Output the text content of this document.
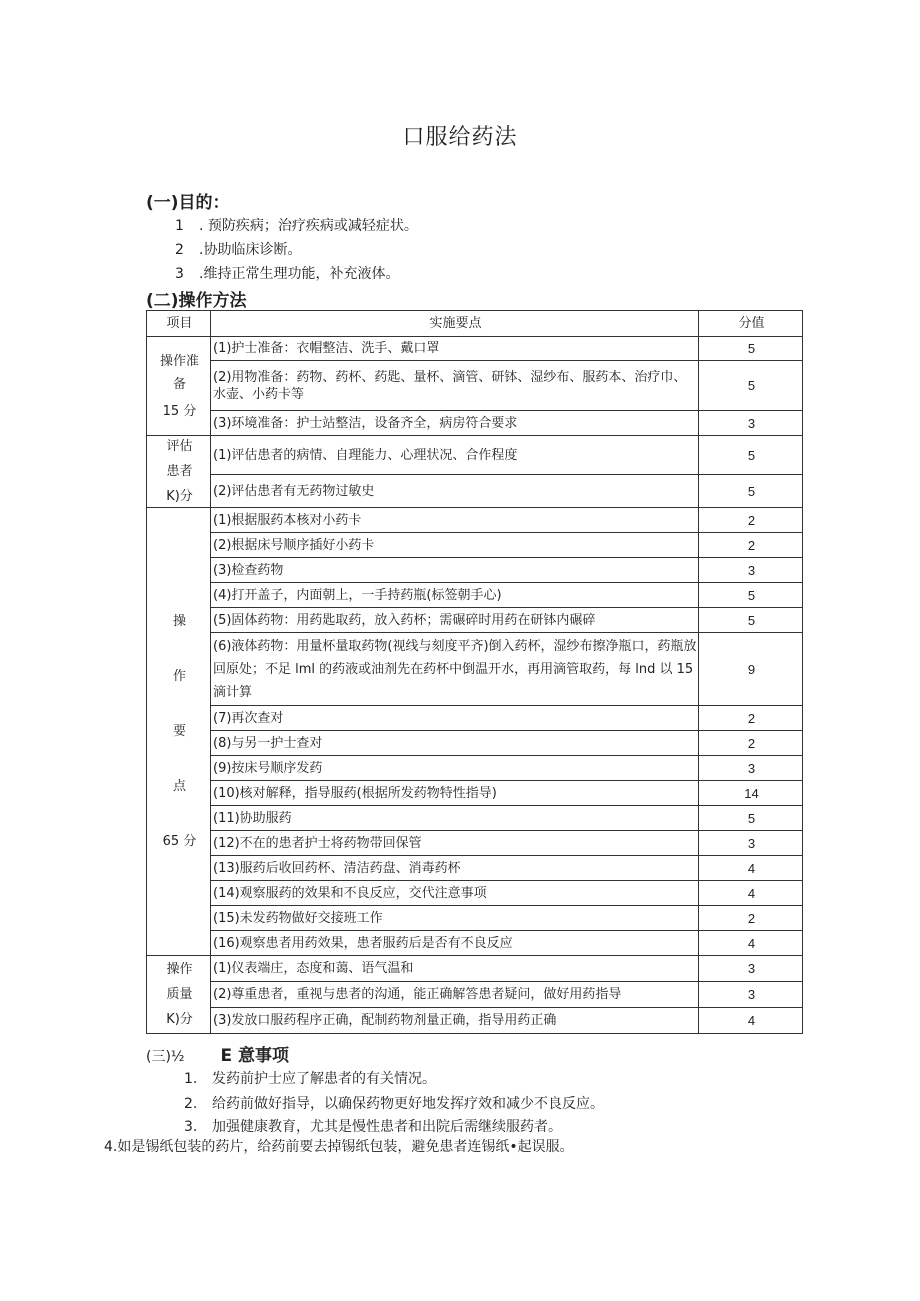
口服给药法
(一)目的：
1 . 预防疾病；治疗疾病或减轻症状。
2 .协助临床诊断。
3 .维持正常生理功能，补充液体。
(二)操作方法
项目	实施要点	分值

操作准
备
15 分	(1)护士准备：衣帽整洁、洗手、戴口罩	5
	(2)用物准备：药物、药杯、药匙、量杯、滴管、研钵、湿纱布、服药本、治疗巾、水壶、小药卡等	5
	(3)环境准备：护士站整洁，设备齐全，病房符合要求	3

评估
患者
K)分	(1)评估患者的病情、自理能力、心理状况、合作程度	5
	(2)评估患者有无药物过敏史	5

操
作
要
点
65 分	(1)根据服药本核对小药卡	2
	(2)根据床号顺序插好小药卡	2
	(3)检查药物	3
	(4)打开盖子，内面朝上，一手持药瓶(标签朝手心)	5
	(5)固体药物：用药匙取药，放入药杯；需碾碎时用药在研钵内碾碎	5
	(6)液体药物：用量杯量取药物(视线与刻度平齐)倒入药杯，湿纱布擦净瓶口，药瓶放回原处；不足 lml 的药液或油剂先在药杯中倒温开水，再用滴管取药，每 lnd 以 15 滴计算	9
	(7)再次查对	2
	(8)与另一护士查对	2
	(9)按床号顺序发药	3
	(10)核对解释，指导服药(根据所发药物特性指导)	14
	(11)协助服药	5
	(12)不在的患者护士将药物带回保管	3
	(13)服药后收回药杯、清洁药盘、消毒药杯	4
	(14)观察服药的效果和不良反应，交代注意事项	4
	(15)未发药物做好交接班工作	2
	(16)观察患者用药效果，患者服药后是否有不良反应	4

操作
质量
K)分	(1)仪表端庄，态度和蔼、语气温和	3
	(2)尊重患者，重视与患者的沟通，能正确解答患者疑问，做好用药指导	3
	(3)发放口服药程序正确，配制药物剂量正确，指导用药正确	4
(三)½ E 意事项
1. 发药前护士应了解患者的有关情况。
2. 给药前做好指导，以确保药物更好地发挥疗效和减少不良反应。
3. 加强健康教育，尤其是慢性患者和出院后需继续服药者。
4.如是锡纸包装的药片，给药前要去掉锡纸包装，避免患者连锡纸•起误服。
